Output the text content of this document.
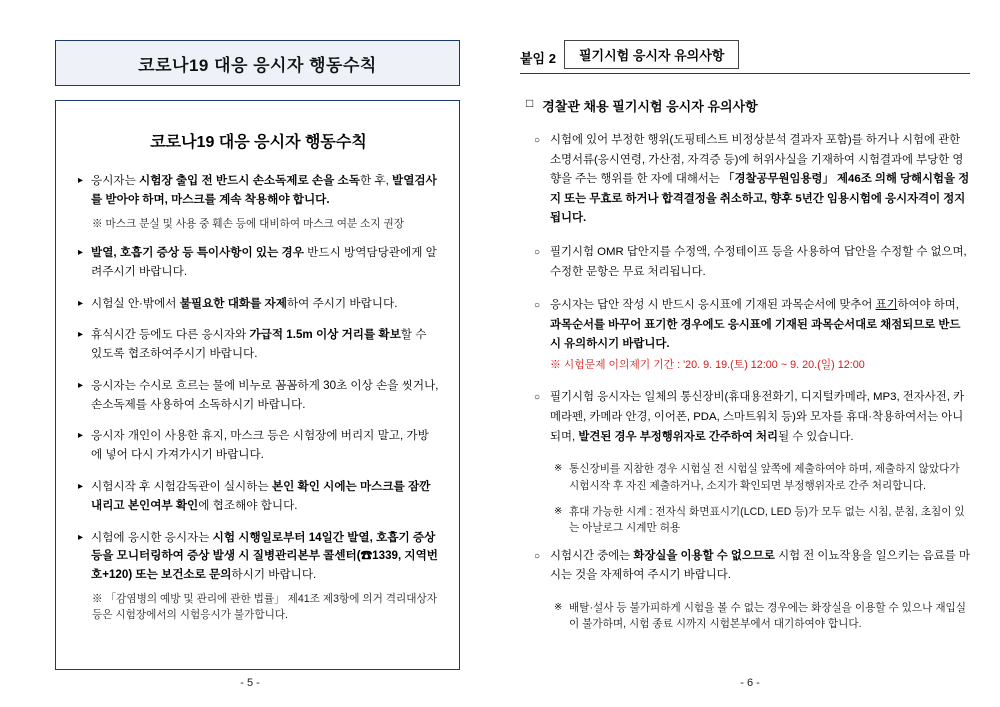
코로나19 대응 응시자 행동수칙
코로나19 대응 응시자 행동수칙
▸ 응시자는 시험장 출입 전 반드시 손소독제로 손을 소독한 후, 발열검사를 받아야 하며, 마스크를 계속 착용해야 합니다.
※ 마스크 분실 및 사용 중 훼손 등에 대비하여 마스크 여분 소지 권장
▸ 발열, 호흡기 증상 등 특이사항이 있는 경우 반드시 방역담당관에게 알려주시기 바랍니다.
▸ 시험실 안·밖에서 불필요한 대화를 자제하여 주시기 바랍니다.
▸ 휴식시간 등에도 다른 응시자와 가급적 1.5m 이상 거리를 확보할 수 있도록 협조하여주시기 바랍니다.
▸ 응시자는 수시로 흐르는 물에 비누로 꼼꼼하게 30초 이상 손을 씻거나, 손소독제를 사용하여 소독하시기 바랍니다.
▸ 응시자 개인이 사용한 휴지, 마스크 등은 시험장에 버리지 말고, 가방에 넣어 다시 가져가시기 바랍니다.
▸ 시험시작 후 시험감독관이 실시하는 본인 확인 시에는 마스크를 잠깐 내리고 본인여부 확인에 협조해야 합니다.
▸ 시험에 응시한 응시자는 시험 시행일로부터 14일간 발열, 호흡기 증상 등을 모니터링하여 증상 발생 시 질병관리본부 콜센터(☎1339, 지역번호+120) 또는 보건소로 문의하시기 바랍니다.
※ 「감염병의 예방 및 관리에 관한 법률」 제41조 제3항에 의거 격리대상자 등은 시험장에서의 시험응시가 불가합니다.
- 5 -
붙임 2	필기시험 응시자 유의사항
□ 경찰관 채용 필기시험 응시자 유의사항
○ 시험에 있어 부정한 행위(도핑테스트 비정상분석 결과자 포함)를 하거나 시험에 관한 소명서류(응시연령, 가산점, 자격증 등)에 허위사실을 기재하여 시험결과에 부당한 영향을 주는 행위를 한 자에 대해서는 「경찰공무원임용령」 제46조 의해 당해시험을 정지 또는 무효로 하거나 합격결정을 취소하고, 향후 5년간 임용시험에 응시자격이 정지됩니다.
○ 필기시험 OMR 답안지를 수정액, 수정테이프 등을 사용하여 답안을 수정할 수 없으며, 수정한 문항은 무료 처리됩니다.
○ 응시자는 답안 작성 시 반드시 응시표에 기재된 과목순서에 맞추어 표기하여야 하며, 과목순서를 바꾸어 표기한 경우에도 응시표에 기재된 과목순서대로 채점되므로 반드시 유의하시기 바랍니다.
※ 시험문제 이의제기 기간 : '20. 9. 19.(토) 12:00 ~ 9. 20.(일) 12:00
○ 필기시험 응시자는 일체의 통신장비(휴대용전화기, 디지털카메라, MP3, 전자사전, 카메라펜, 카메라 안경, 이어폰, PDA, 스마트워치 등)와 모자를 휴대·착용하여서는 아니 되며, 발견된 경우 부정행위자로 간주하여 처리될 수 있습니다.
※ 통신장비를 지참한 경우 시험실 전 시험실 앞쪽에 제출하여야 하며, 제출하지 않았다가 시험시작 후 자진 제출하거나, 소지가 확인되면 부정행위자로 간주 처리합니다.
※ 휴대 가능한 시계 : 전자식 화면표시기(LCD, LED 등)가 모두 없는 시침, 분침, 초침이 있는 아날로그 시계만 허용
○ 시험시간 중에는 화장실을 이용할 수 없으므로 시험 전 이뇨작용을 일으키는 음료를 마시는 것을 자제하여 주시기 바랍니다.
※ 배탈·설사 등 불가피하게 시험을 볼 수 없는 경우에는 화장실을 이용할 수 있으나 재입실이 불가하며, 시험 종료 시까지 시험본부에서 대기하여야 합니다.
- 6 -
